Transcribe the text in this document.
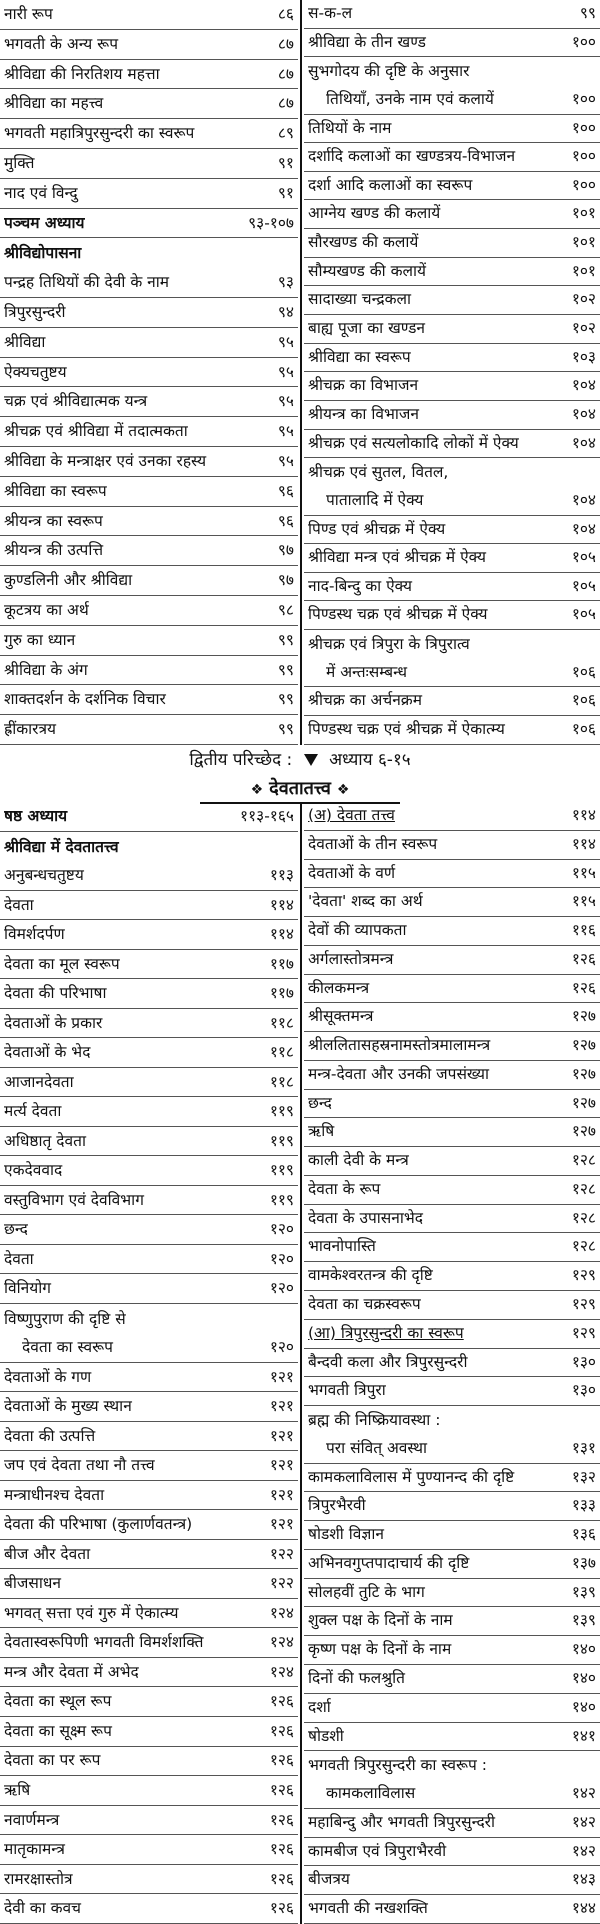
नारी रूप	८६
भगवती के अन्य रूप	८७
श्रीविद्या की निरतिशय महत्ता	८७
श्रीविद्या का महत्त्व	८७
भगवती महात्रिपुरसुन्दरी का स्वरूप	८९
मुक्ति	९१
नाद एवं विन्दु	९१
पञ्चम अध्याय	९३-१०७
श्रीविद्योपासना
पन्द्रह तिथियों की देवी के नाम	९३
त्रिपुरसुन्दरी	९४
श्रीविद्या	९५
ऐक्यचतुष्टय	९५
चक्र एवं श्रीविद्यात्मक यन्त्र	९५
श्रीचक्र एवं श्रीविद्या में तदात्मकता	९५
श्रीविद्या के मन्त्राक्षर एवं उनका रहस्य	९५
श्रीविद्या का स्वरूप	९६
श्रीयन्त्र का स्वरूप	९६
श्रीयन्त्र की उत्पत्ति	९७
कुण्डलिनी और श्रीविद्या	९७
कूटत्रय का अर्थ	९८
गुरु का ध्यान	९९
श्रीविद्या के अंग	९९
शाक्तदर्शन के दर्शनिक विचार	९९
ह्रींकारत्रय	९९
स-क-ल	९९
श्रीविद्या के तीन खण्ड	१००
सुभगोदय की दृष्टि के अनुसार
तिथियाँ, उनके नाम एवं कलायें	१००
तिथियों के नाम	१००
दर्शादि कलाओं का खण्डत्रय-विभाजन	१००
दर्शा आदि कलाओं का स्वरूप	१००
आग्नेय खण्ड की कलायें	१०१
सौरखण्ड की कलायें	१०१
सौम्यखण्ड की कलायें	१०१
सादाख्या चन्द्रकला	१०२
बाह्य पूजा का खण्डन	१०२
श्रीविद्या का स्वरूप	१०३
श्रीचक्र का विभाजन	१०४
श्रीयन्त्र का विभाजन	१०४
श्रीचक्र एवं सत्यलोकादि लोकों में ऐक्य	१०४
श्रीचक्र एवं सुतल, वितल,
पातालादि में ऐक्य	१०४
पिण्ड एवं श्रीचक्र में ऐक्य	१०४
श्रीविद्या मन्त्र एवं श्रीचक्र में ऐक्य	१०५
नाद-बिन्दु का ऐक्य	१०५
पिण्डस्थ चक्र एवं श्रीचक्र में ऐक्य	१०५
श्रीचक्र एवं त्रिपुरा के त्रिपुरात्व
में अन्तःसम्बन्ध	१०६
श्रीचक्र का अर्चनक्रम	१०६
पिण्डस्थ चक्र एवं श्रीचक्र में ऐकात्म्य	१०६
द्वितीय परिच्छेद : अध्याय ६-१५
❖ देवतातत्त्व ❖
षष्ठ अध्याय	११३-१६५
श्रीविद्या में देवतातत्त्व
अनुबन्धचतुष्टय	११३
देवता	११४
विमर्शदर्पण	११४
देवता का मूल स्वरूप	११७
देवता की परिभाषा	११७
देवताओं के प्रकार	११८
देवताओं के भेद	११८
आजानदेवता	११८
मर्त्य देवता	११९
अधिष्ठातृ देवता	११९
एकदेववाद	११९
वस्तुविभाग एवं देवविभाग	११९
छन्द	१२०
देवता	१२०
विनियोग	१२०
विष्णुपुराण की दृष्टि से
देवता का स्वरूप	१२०
देवताओं के गण	१२१
देवताओं के मुख्य स्थान	१२१
देवता की उत्पत्ति	१२१
जप एवं देवता तथा नौ तत्त्व	१२१
मन्त्राधीनश्च देवता	१२१
देवता की परिभाषा (कुलार्णवतन्त्र)	१२१
बीज और देवता	१२२
बीजसाधन	१२२
भगवत् सत्ता एवं गुरु में ऐकात्म्य	१२४
देवतास्वरूपिणी भगवती विमर्शशक्ति	१२४
मन्त्र और देवता में अभेद	१२४
देवता का स्थूल रूप	१२६
देवता का सूक्ष्म रूप	१२६
देवता का पर रूप	१२६
ऋषि	१२६
नवार्णमन्त्र	१२६
मातृकामन्त्र	१२६
रामरक्षास्तोत्र	१२६
देवी का कवच	१२६
(अ) देवता तत्त्व	११४
देवताओं के तीन स्वरूप	११४
देवताओं के वर्ण	११५
'देवता' शब्द का अर्थ	११५
देवों की व्यापकता	११६
अर्गलास्तोत्रमन्त्र	१२६
कीलकमन्त्र	१२६
श्रीसूक्तमन्त्र	१२७
श्रीललितासहस्रनामस्तोत्रमालामन्त्र	१२७
मन्त्र-देवता और उनकी जपसंख्या	१२७
छन्द	१२७
ऋषि	१२७
काली देवी के मन्त्र	१२८
देवता के रूप	१२८
देवता के उपासनाभेद	१२८
भावनोपास्ति	१२८
वामकेश्वरतन्त्र की दृष्टि	१२९
देवता का चक्रस्वरूप	१२९
(आ) त्रिपुरसुन्दरी का स्वरूप	१२९
बैन्दवी कला और त्रिपुरसुन्दरी	१३०
भगवती त्रिपुरा	१३०
ब्रह्म की निष्क्रियावस्था :
परा संवित् अवस्था	१३१
कामकलाविलास में पुण्यानन्द की दृष्टि	१३२
त्रिपुरभैरवी	१३३
षोडशी विज्ञान	१३६
अभिनवगुप्तपादाचार्य की दृष्टि	१३७
सोलहवीं तुटि के भाग	१३९
शुक्ल पक्ष के दिनों के नाम	१३९
कृष्ण पक्ष के दिनों के नाम	१४०
दिनों की फलश्रुति	१४०
दर्शा	१४०
षोडशी	१४१
भगवती त्रिपुरसुन्दरी का स्वरूप :
कामकलाविलास	१४२
महाबिन्दु और भगवती त्रिपुरसुन्दरी	१४२
कामबीज एवं त्रिपुराभैरवी	१४२
बीजत्रय	१४३
भगवती की नखशक्ति	१४४
